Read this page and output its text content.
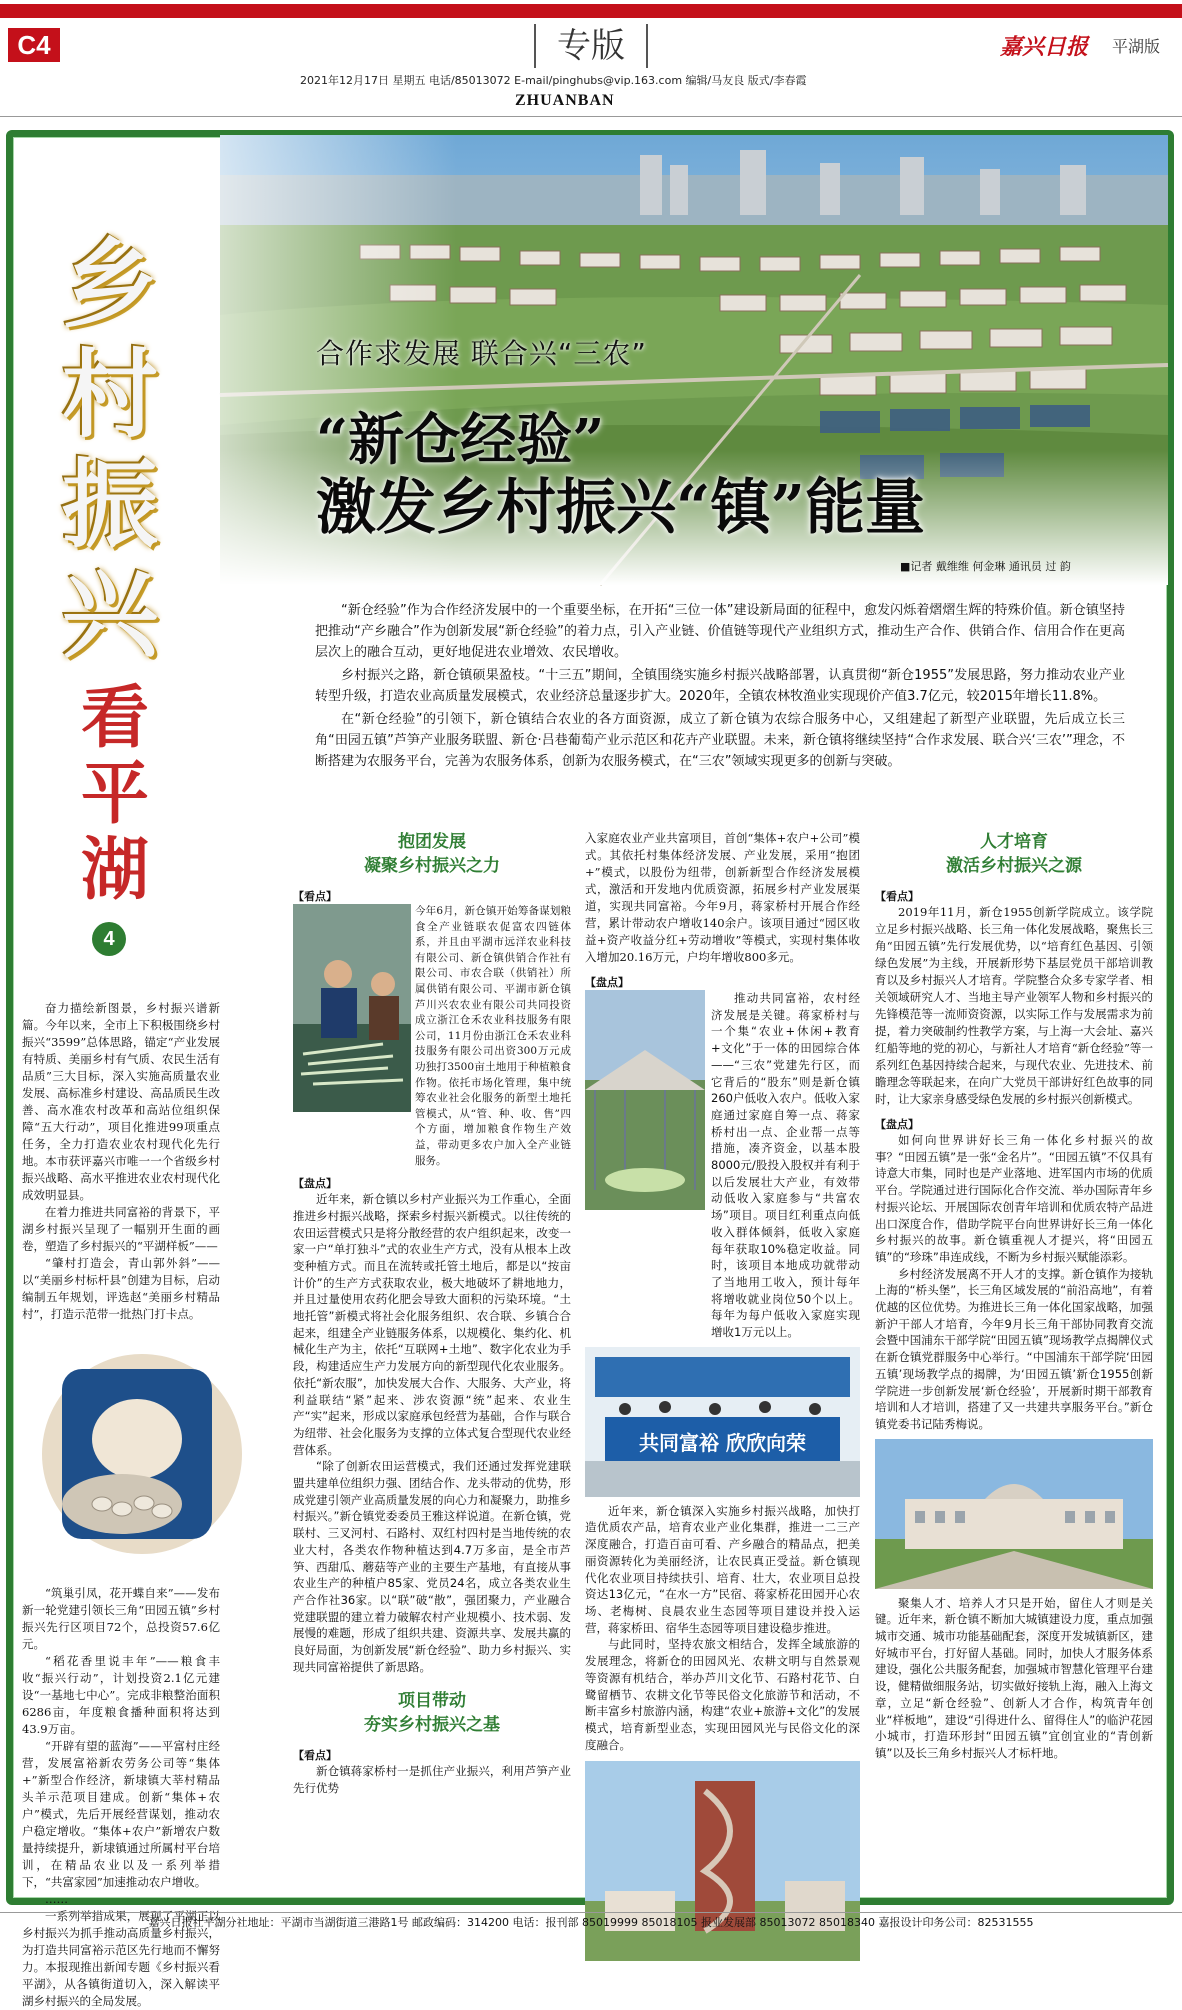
C4	专版
2021年12月17日 星期五 电话/85013072 E-mail/pinghubs@vip.163.com 编辑/马友良 版式/李春霞
ZHUANBAN
嘉兴日报 平湖版
乡村振兴
看平湖
4
合作求发展 联合兴“三农”
“新仓经验”
激发乡村振兴“镇”能量
■记者 戴维维 何金琳 通讯员 过 韵

“新仓经验”作为合作经济发展中的一个重要坐标，在开拓“三位一体”建设新局面的征程中，愈发闪烁着熠熠生辉的特殊价值。新仓镇坚持把推动“产乡融合”作为创新发展“新仓经验”的着力点，引入产业链、价值链等现代产业组织方式，推动生产合作、供销合作、信用合作在更高层次上的融合互动，更好地促进农业增效、农民增收。

乡村振兴之路，新仓镇硕果盈枝。“十三五”期间，全镇围绕实施乡村振兴战略部署，认真贯彻“新仓1955”发展思路，努力推动农业产业转型升级，打造农业高质量发展模式，农业经济总量逐步扩大。2020年，全镇农林牧渔业实现现价产值3.7亿元，较2015年增长11.8%。

在“新仓经验”的引领下，新仓镇结合农业的各方面资源，成立了新仓镇为农综合服务中心，又组建起了新型产业联盟，先后成立长三角“田园五镇”芦笋产业服务联盟、新仓·吕巷葡萄产业示范区和花卉产业联盟。未来，新仓镇将继续坚持“合作求发展、联合兴‘三农’”理念，不断搭建为农服务平台，完善为农服务体系，创新为农服务模式，在“三农”领域实现更多的创新与突破。

奋力描绘新图景，乡村振兴谱新篇。今年以来，全市上下积极围绕乡村振兴“3599”总体思路，锚定“产业发展有特质、美丽乡村有气质、农民生活有品质”三大目标，深入实施高质量农业发展、高标准乡村建设、高品质民生改善、高水准农村改革和高站位组织保障“五大行动”，项目化推进99项重点任务，全力打造农业农村现代化先行地。本市获评嘉兴市唯一一个省级乡村振兴战略、高水平推进农业农村现代化成效明显县。

在着力推进共同富裕的背景下，平湖乡村振兴呈现了一幅别开生面的画卷，塑造了乡村振兴的“平湖样板”——

“肇村打造会，青山郭外斜”——以“美丽乡村标杆县”创建为目标，启动编制五年规划，评选赵“美丽乡村精品村”，打造示范带一批热门打卡点。

“筑巢引凤，花开蝶自来”——发布新一轮党建引领长三角“田园五镇”乡村振兴先行区项目72个，总投资57.6亿元。

“稻花香里说丰年”——粮食丰收“振兴行动”，计划投资2.1亿元建设“一基地七中心”。完成非粮整治面积6286亩，年度粮食播种面积将达到43.9万亩。

“开辟有望的蓝海”——平富村庄经营，发展富裕新农劳务公司等“集体+”新型合作经济，新埭镇大莘村精品头羊示范项目建成。创新“集体+农户”模式，先后开展经营谋划，推动农户稳定增收。“集体+农户”新增农户数量持续提升，新埭镇通过所属村平台培训，在精品农业以及一系列举措下，“共富家园”加速推动农户增收。

……

一系列举措成果，展现了平湖正以乡村振兴为抓手推动高质量乡村振兴，为打造共同富裕示范区先行地而不懈努力。本报现推出新闻专题《乡村振兴看平湖》，从各镇街道切入，深入解读平湖乡村振兴的全局发展。

抱团发展
凝聚乡村振兴之力
【看点】
今年6月，新仓镇开始筹备谋划粮食全产业链联农促富农四链体系，并且由平湖市远洋农业科技有限公司、新仓镇供销合作社有限公司、市农合联（供销社）所属供销有限公司、平湖市新仓镇芦川兴农农业有限公司共同投资成立浙江仓禾农业科技服务有限公司，11月份由浙江仓禾农业科技服务有限公司出资300万元成功独打3500亩土地用于种植粮食作物。依托市场化管理，集中统筹农业社会化服务的新型土地托管模式，从“管、种、收、售”四个方面，增加粮食作物生产效益，带动更多农户加入全产业链服务。
【盘点】

近年来，新仓镇以乡村产业振兴为工作重心，全面推进乡村振兴战略，探索乡村振兴新模式。以往传统的农田运营模式只是将分散经营的农户组织起来，改变一家一户“单打独斗”式的农业生产方式，没有从根本上改变种植方式。而且在流转或托管土地后，都是以“按亩计价”的生产方式获取农业，极大地破坏了耕地地力，并且过量使用农药化肥会导致大面积的污染环境。“土地托管”新模式将社会化服务组织、农合联、乡镇合合起来，组建全产业链服务体系，以规模化、集约化、机械化生产为主，依托“互联网+土地”、数字化农业为手段，构建适应生产力发展方向的新型现代化农业服务。依托“新农服”，加快发展大合作、大服务、大产业，将利益联结“紧”起来、涉农资源“统”起来、农业生产“实”起来，形成以家庭承包经营为基础，合作与联合为纽带、社会化服务为支撑的立体式复合型现代农业经营体系。

“除了创新农田运营模式，我们还通过发挥党建联盟共建单位组织力强、团结合作、龙头带动的优势，形成党建引领产业高质量发展的向心力和凝聚力，助推乡村振兴。”新仓镇党委委员王雅这样说道。在新仓镇，党联村、三叉河村、石路村、双红村四村是当地传统的农业大村，各类农作物种植达到4.7万多亩，是全市芦笋、西甜瓜、蘑菇等产业的主要生产基地，有直接从事农业生产的种植户85家、党员24名，成立各类农业生产合作社36家。以“联”破“散”，强团聚力，产业融合党建联盟的建立着力破解农村产业规模小、技术弱、发展慢的难题，形成了组织共建、资源共享、发展共赢的良好局面，为创新发展“新仓经验”、助力乡村振兴、实现共同富裕提供了新思路。

项目带动
夯实乡村振兴之基
【看点】

新仓镇蒋家桥村一是抓住产业振兴，利用芦笋产业先行优势

入家庭农业产业共富项目，首创“集体+农户+公司”模式。其依托村集体经济发展、产业发展，采用“抱团+”模式，以股份为纽带，创新新型合作经济发展模式，激活和开发地内优质资源，拓展乡村产业发展渠道，实现共同富裕。今年9月，蒋家桥村开展合作经营，累计带动农户增收140余户。该项目通过“园区收益+资产收益分红+劳动增收”等模式，实现村集体收入增加20.16万元，户均年增收800多元。
【盘点】

推动共同富裕，农村经济发展是关键。蒋家桥村与一个集“农业+休闲+教育+文化”于一体的田园综合体——“三农”党建先行区，而它背后的“股东”则是新仓镇260户低收入农户。低收入家庭通过家庭自筹一点、蒋家桥村出一点、企业帮一点等措施，凑齐资金，以基本股8000元/股投入股权并有利于以后发展壮大产业，有效带动低收入家庭参与“共富农场”项目。项目红利重点向低收入群体倾斜，低收入家庭每年获取10%稳定收益。同时，该项目本地成功就带动了当地用工收入，预计每年将增收就业岗位50个以上。每年为每户低收入家庭实现增收1万元以上。

共同富裕 欣欣向荣

近年来，新仓镇深入实施乡村振兴战略，加快打造优质农产品，培育农业产业化集群，推进一二三产深度融合，打造百亩可看、产乡融合的精品点，把美丽资源转化为美丽经济，让农民真正受益。新仓镇现代化农业项目持续扶引、培育、壮大，农业项目总投资达13亿元，“在水一方”民宿、蒋家桥花田园开心农场、老梅树、良晨农业生态园等项目建设并投入运营，蒋家桥田、宿华生态园等项目建设稳步推进。

与此同时，坚持农旅文相结合，发挥全域旅游的发展理念，将新仓的田园风光、农耕文明与自然景观等资源有机结合，举办芦川文化节、石路村花节、白鹭留栖节、农耕文化节等民俗文化旅游节和活动，不断丰富乡村旅游内涵，构建“农业+旅游+文化”的发展模式，培育新型业态，实现田园风光与民俗文化的深度融合。

人才培育
激活乡村振兴之源
【看点】

2019年11月，新仓1955创新学院成立。该学院立足乡村振兴战略、长三角一体化发展战略，聚焦长三角“田园五镇”先行发展优势，以“培育红色基因、引领绿色发展”为主线，开展新形势下基层党员干部培训教育以及乡村振兴人才培育。学院整合众多专家学者、相关领域研究人才、当地主导产业领军人物和乡村振兴的先锋模范等一流师资资源，以实际工作与发展需求为前提，着力突破制约性教学方案，与上海一大会址、嘉兴红船等地的党的初心，与新社人才培育“新仓经验”等一系列红色基因持续合起来，与现代农业、先进技术、前瞻理念等联起来，在向广大党员干部讲好红色故事的同时，让大家亲身感受绿色发展的乡村振兴创新模式。

【盘点】

如何向世界讲好长三角一体化乡村振兴的故事？“田园五镇”是一张“金名片”。“田园五镇”不仅具有诗意大市集，同时也是产业落地、进军国内市场的优质平台。学院通过进行国际化合作交流、举办国际青年乡村振兴论坛、开展国际农创青年培训和优质农特产品进出口深度合作，借助学院平台向世界讲好长三角一体化乡村振兴的故事。新仓镇重视人才提兴，将“田园五镇”的“珍珠”串连成线，不断为乡村振兴赋能添彩。

乡村经济发展离不开人才的支撑。新仓镇作为接轨上海的“桥头堡”，长三角区域发展的“前沿高地”，有着优越的区位优势。为推进长三角一体化国家战略，加强新沪干部人才培育，今年9月长三角干部协同教育交流会暨中国浦东干部学院“田园五镇”现场教学点揭牌仪式在新仓镇党群服务中心举行。“中国浦东干部学院‘田园五镇’现场教学点的揭牌，为‘田园五镇’新仓1955创新学院进一步创新发展‘新仓经验’，开展新时期干部教育培训和人才培训，搭建了又一共建共享服务平台。”新仓镇党委书记陆秀梅说。

聚集人才、培养人才只是开始，留住人才则是关键。近年来，新仓镇不断加大城镇建设力度，重点加强城市交通、城市功能基础配套，深度开发城镇新区，建好城市平台，打好留人基础。同时，加快人才服务体系建设，强化公共服务配套，加强城市智慧化管理平台建设，健精做细服务站，切实做好接轨上海，融入上海文章，立足“新仓经验”、创新人才合作，构筑青年创业“样板地”，建设“引得进什么、留得住人”的临沪花园小城市，打造环形封“田园五镇”宜创宜业的“青创新镇”以及长三角乡村振兴人才标杆地。

嘉兴日报社平湖分社地址：平湖市当湖街道三港路1号 邮政编码：314200 电话：报刊部 85019999 85018105 报业发展部 85013072 85018340 嘉报设计印务公司：82531555
